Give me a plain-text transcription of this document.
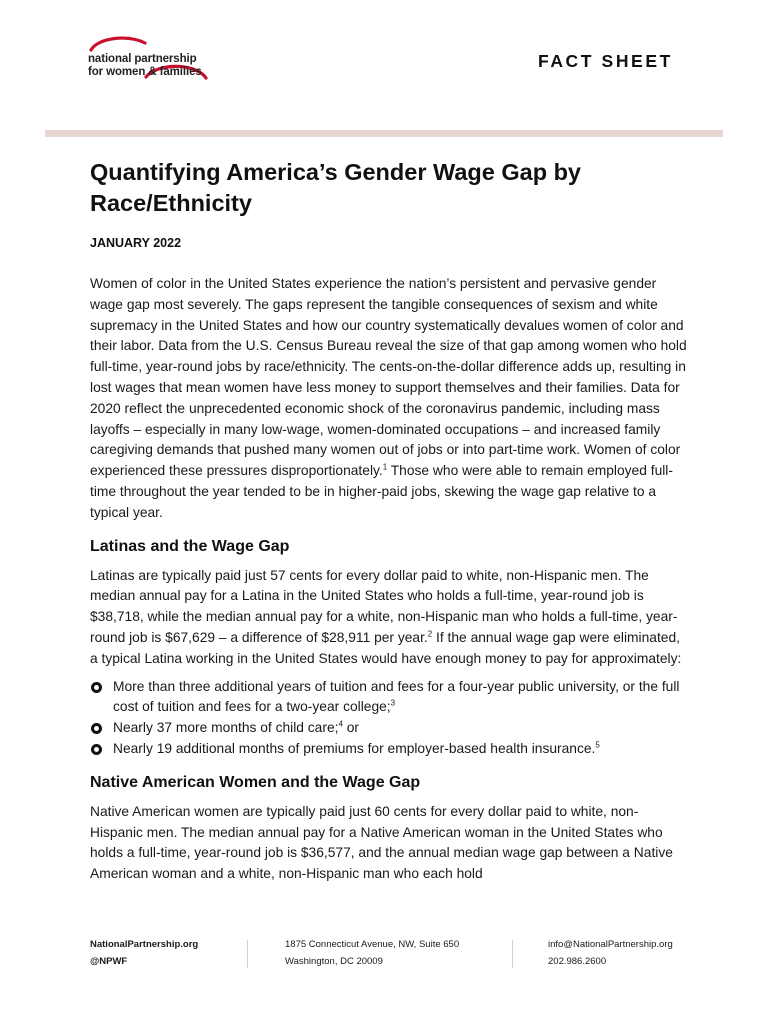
national partnership
for women & families
FACT SHEET
Quantifying America’s Gender Wage Gap by Race/Ethnicity
JANUARY 2022

Women of color in the United States experience the nation’s persistent and pervasive gender wage gap most severely. The gaps represent the tangible consequences of sexism and white supremacy in the United States and how our country systematically devalues women of color and their labor. Data from the U.S. Census Bureau reveal the size of that gap among women who hold full-time, year-round jobs by race/ethnicity. The cents-on-the-dollar difference adds up, resulting in lost wages that mean women have less money to support themselves and their families. Data for 2020 reflect the unprecedented economic shock of the coronavirus pandemic, including mass layoffs – especially in many low-wage, women-dominated occupations – and increased family caregiving demands that pushed many women out of jobs or into part-time work. Women of color experienced these pressures disproportionately.$^1$ Those who were able to remain employed full-time throughout the year tended to be in higher-paid jobs, skewing the wage gap relative to a typical year.

Latinas and the Wage Gap

Latinas are typically paid just 57 cents for every dollar paid to white, non-Hispanic men. The median annual pay for a Latina in the United States who holds a full-time, year-round job is $38,718, while the median annual pay for a white, non-Hispanic man who holds a full-time, year-round job is $67,629 – a difference of $28,911 per year.$^2$ If the annual wage gap were eliminated, a typical Latina working in the United States would have enough money to pay for approximately:

More than three additional years of tuition and fees for a four-year public university, or the full cost of tuition and fees for a two-year college;$^3$
Nearly 37 more months of child care;$^4$ or
Nearly 19 additional months of premiums for employer-based health insurance.$^5$
Native American Women and the Wage Gap

Native American women are typically paid just 60 cents for every dollar paid to white, non-Hispanic men. The median annual pay for a Native American woman in the United States who holds a full-time, year-round job is $36,577, and the annual median wage gap between a Native American woman and a white, non-Hispanic man who each hold

NationalPartnership.org
@NPWF
1875 Connecticut Avenue, NW, Suite 650
Washington, DC 20009
info@NationalPartnership.org
202.986.2600
